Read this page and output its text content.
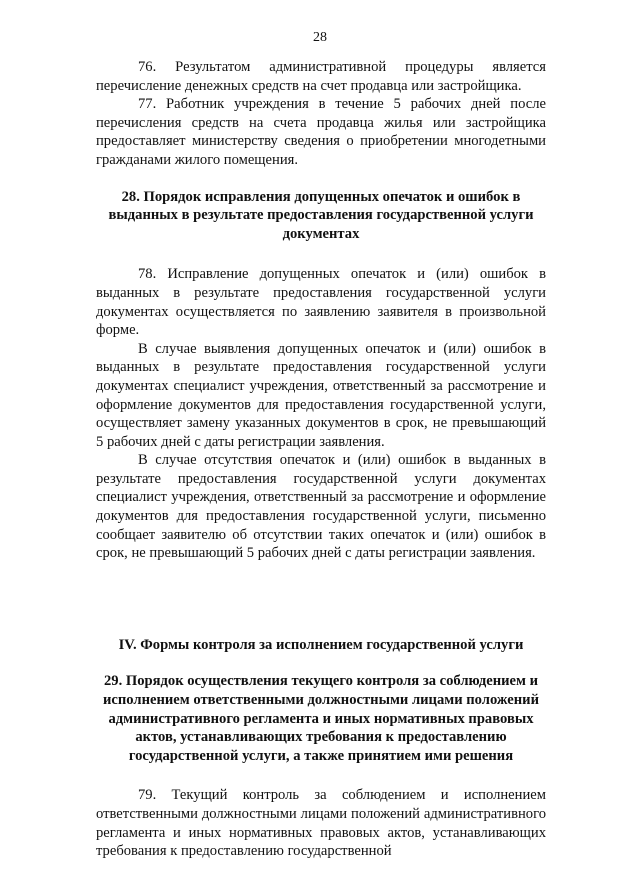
28

76. Результатом административной процедуры является перечисление денежных средств на счет продавца или застройщика.

77. Работник учреждения в течение 5 рабочих дней после перечисления средств на счета продавца жилья или застройщика предоставляет министерству сведения о приобретении многодетными гражданами жилого помещения.

28. Порядок исправления допущенных опечаток и ошибок в выданных в результате предоставления государственной услуги документах

78. Исправление допущенных опечаток и (или) ошибок в выданных в результате предоставления государственной услуги документах осуществляется по заявлению заявителя в произвольной форме.

В случае выявления допущенных опечаток и (или) ошибок в выданных в результате предоставления государственной услуги документах специалист учреждения, ответственный за рассмотрение и оформление документов для предоставления государственной услуги, осуществляет замену указанных документов в срок, не превышающий 5 рабочих дней с даты регистрации заявления.

В случае отсутствия опечаток и (или) ошибок в выданных в результате предоставления государственной услуги документах специалист учреждения, ответственный за рассмотрение и оформление документов для предоставления государственной услуги, письменно сообщает заявителю об отсутствии таких опечаток и (или) ошибок в срок, не превышающий 5 рабочих дней с даты регистрации заявления.

IV. Формы контроля за исполнением государственной услуги

29. Порядок осуществления текущего контроля за соблюдением и исполнением ответственными должностными лицами положений административного регламента и иных нормативных правовых актов, устанавливающих требования к предоставлению государственной услуги, а также принятием ими решения

79. Текущий контроль за соблюдением и исполнением ответственными должностными лицами положений административного регламента и иных нормативных правовых актов, устанавливающих требования к предоставлению государственной
